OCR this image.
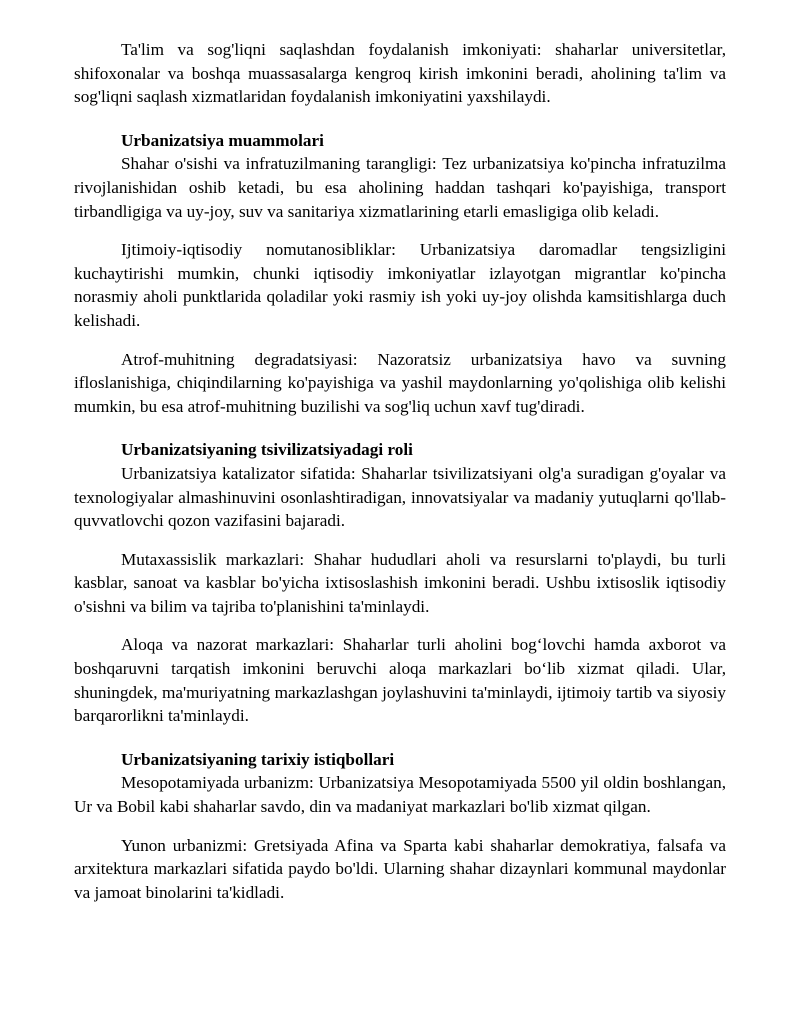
Ta'lim va sog'liqni saqlashdan foydalanish imkoniyati: shaharlar universitetlar, shifoxonalar va boshqa muassasalarga kengroq kirish imkonini beradi, aholining ta'lim va sog'liqni saqlash xizmatlaridan foydalanish imkoniyatini yaxshilaydi.

Urbanizatsiya muammolari

Shahar o'sishi va infratuzilmaning tarangligi: Tez urbanizatsiya ko'pincha infratuzilma rivojlanishidan oshib ketadi, bu esa aholining haddan tashqari ko'payishiga, transport tirbandligiga va uy-joy, suv va sanitariya xizmatlarining etarli emasligiga olib keladi.

Ijtimoiy-iqtisodiy nomutanosibliklar: Urbanizatsiya daromadlar tengsizligini kuchaytirishi mumkin, chunki iqtisodiy imkoniyatlar izlayotgan migrantlar ko'pincha norasmiy aholi punktlarida qoladilar yoki rasmiy ish yoki uy-joy olishda kamsitishlarga duch kelishadi.

Atrof-muhitning degradatsiyasi: Nazoratsiz urbanizatsiya havo va suvning ifloslanishiga, chiqindilarning ko'payishiga va yashil maydonlarning yo'qolishiga olib kelishi mumkin, bu esa atrof-muhitning buzilishi va sog'liq uchun xavf tug'diradi.

Urbanizatsiyaning tsivilizatsiyadagi roli

Urbanizatsiya katalizator sifatida: Shaharlar tsivilizatsiyani olg'a suradigan g'oyalar va texnologiyalar almashinuvini osonlashtiradigan, innovatsiyalar va madaniy yutuqlarni qo'llab-quvvatlovchi qozon vazifasini bajaradi.

Mutaxassislik markazlari: Shahar hududlari aholi va resurslarni to'playdi, bu turli kasblar, sanoat va kasblar bo'yicha ixtisoslashish imkonini beradi. Ushbu ixtisoslik iqtisodiy o'sishni va bilim va tajriba to'planishini ta'minlaydi.

Aloqa va nazorat markazlari: Shaharlar turli aholini bog‘lovchi hamda axborot va boshqaruvni tarqatish imkonini beruvchi aloqa markazlari bo‘lib xizmat qiladi. Ular, shuningdek, ma'muriyatning markazlashgan joylashuvini ta'minlaydi, ijtimoiy tartib va siyosiy barqarorlikni ta'minlaydi.

Urbanizatsiyaning tarixiy istiqbollari

Mesopotamiyada urbanizm: Urbanizatsiya Mesopotamiyada 5500 yil oldin boshlangan, Ur va Bobil kabi shaharlar savdo, din va madaniyat markazlari bo'lib xizmat qilgan.

Yunon urbanizmi: Gretsiyada Afina va Sparta kabi shaharlar demokratiya, falsafa va arxitektura markazlari sifatida paydo bo'ldi. Ularning shahar dizaynlari kommunal maydonlar va jamoat binolarini ta'kidladi.
